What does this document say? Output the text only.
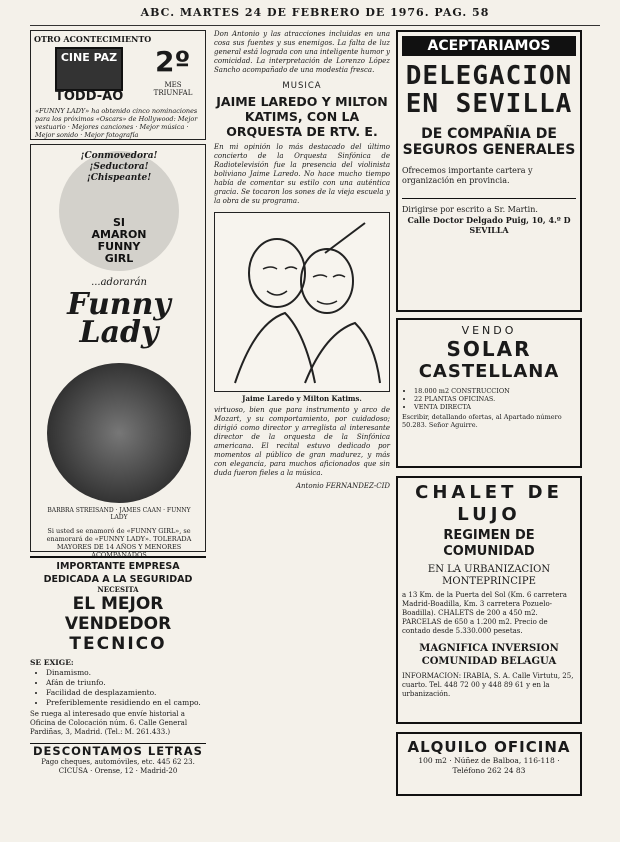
ABC. MARTES 24 DE FEBRERO DE 1976. PAG. 58
OTRO ACONTECIMIENTO
CINE PAZ
TODD-AO
2º
MES TRIUNFAL
«FUNNY LADY» ha obtenido cinco nominaciones para los próximos «Oscars» de Hollywood: Mejor vestuario · Mejores canciones · Mejor música · Mejor sonido · Mejor fotografía
¡Conmovedora! ¡Seductora! ¡Chispeante!
SI AMARON
FUNNY GIRL
...adorarán
Funny Lady
BARBRA STREISAND · JAMES CAAN · FUNNY LADY
Si usted se enamoró de «FUNNY GIRL», se enamorará de «FUNNY LADY». TOLERADA MAYORES DE 14 AÑOS Y MENORES ACOMPAÑADOS
IMPORTANTE EMPRESA
DEDICADA A LA SEGURIDAD
NECESITA
EL MEJOR VENDEDOR
TECNICO
SE EXIGE:
• Dinamismo.
• Afán de triunfo.
• Facilidad de desplazamiento.
• Preferiblemente residiendo en el campo.
Se ruega al interesado que envíe historial a Oficina de Colocación núm. 6. Calle General Pardiñas, 3, Madrid. (Tel.: M. 261.433.)
DESCONTAMOS LETRAS
Pago cheques, automóviles, etc. 445 62 23. CICUSA · Orense, 12 · Madrid-20
Don Antonio y las atracciones incluidas en una cosa sus fuentes y sus enemigos. La falta de luz general está lograda con una inteligente humor y comicidad. La interpretación de Lorenzo López Sancho acompañado de una modestia fresca.
MUSICA
JAIME LAREDO Y MILTON KATIMS, CON LA ORQUESTA DE RTV. E.
En mi opinión lo más destacado del último concierto de la Orquesta Sinfónica de Radiotelevisión fue la presencia del violinista boliviano Jaime Laredo. No hace mucho tiempo había de comentar su estilo con una auténtica gracia. Se tocaron los sones de la vieja escuela y la obra de su programa.
Jaime Laredo y Milton Katims.
virtuoso, bien que para instrumento y arco de Mozart, y su comportamiento, por cuidadoso; dirigió como director y arreglista al interesante director de la orquesta de la Sinfónica americana. El recital estuvo dedicado por momentos al público de gran madurez, y más con elegancia, para muchos aficionados que sin duda fueron fieles a la música.
Antonio FERNANDEZ-CID
ACEPTARIAMOS
DELEGACION EN SEVILLA
DE COMPAÑIA DE SEGUROS GENERALES
Ofrecemos importante cartera y organización en provincia.
Dirigirse por escrito a Sr. Martin.
Calle Doctor Delgado Puig, 10, 4.º D SEVILLA
VENDO
SOLAR
CASTELLANA
• 18.000 m2 CONSTRUCCION
• 22 PLANTAS OFICINAS.
• VENTA DIRECTA
Escribir, detallando ofertas, al Apartado número 50.283. Señor Aguirre.
CHALET DE LUJO
REGIMEN DE COMUNIDAD
EN LA URBANIZACION MONTEPRINCIPE
a 13 Km. de la Puerta del Sol (Km. 6 carretera Madrid-Boadilla, Km. 3 carretera Pozuelo-Boadilla). CHALETS de 200 a 450 m2. PARCELAS de 650 a 1.200 m2. Precio de contado desde 5.330.000 pesetas.
MAGNIFICA INVERSION COMUNIDAD BELAGUA
INFORMACION: IRABIA, S. A. Calle Virtutu, 25, cuarto. Tel. 448 72 00 y 448 89 61 y en la urbanización.
ALQUILO OFICINA
100 m2 · Núñez de Balboa, 116-118 · Teléfono 262 24 83
